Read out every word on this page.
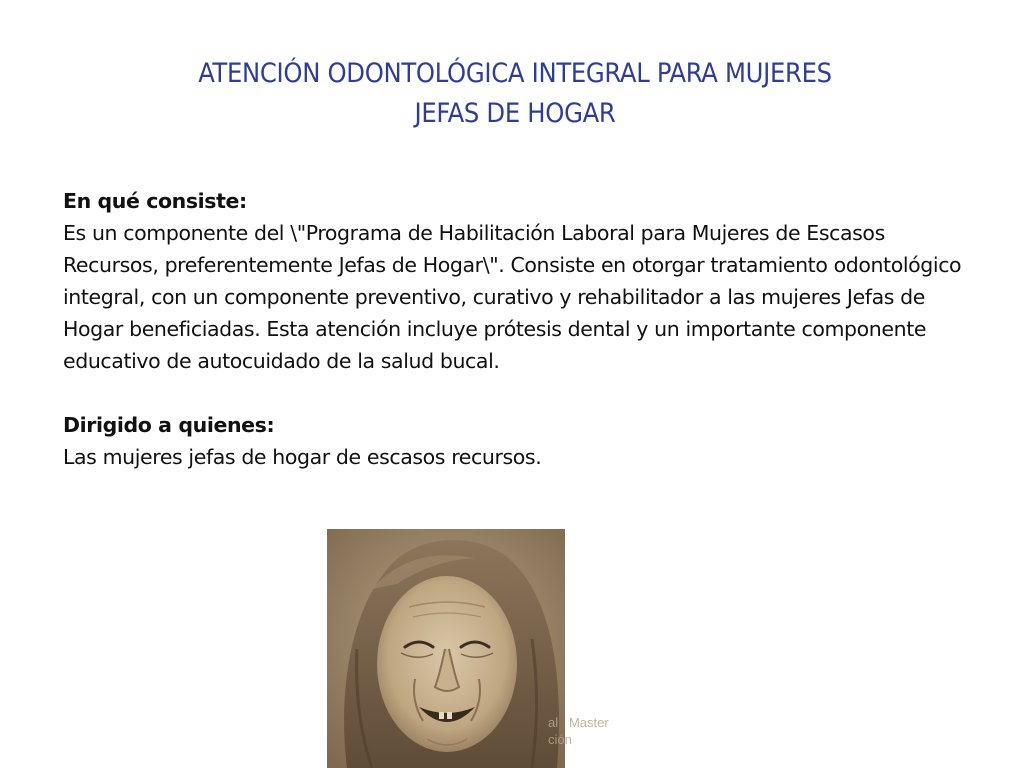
ATENCIÓN ODONTOLÓGICA INTEGRAL PARA MUJERES
JEFAS DE HOGAR
En qué consiste:
Es un componente del \"Programa de Habilitación Laboral para Mujeres de Escasos Recursos, preferentemente Jefas de Hogar\". Consiste en otorgar tratamiento odontológico integral, con un componente preventivo, curativo y rehabilitador a las mujeres Jefas de Hogar beneficiadas. Esta atención incluye prótesis dental y un importante componente educativo de autocuidado de la salud bucal.
Dirigido a quienes:
Las mujeres jefas de hogar de escasos recursos.
al   Master
ción
